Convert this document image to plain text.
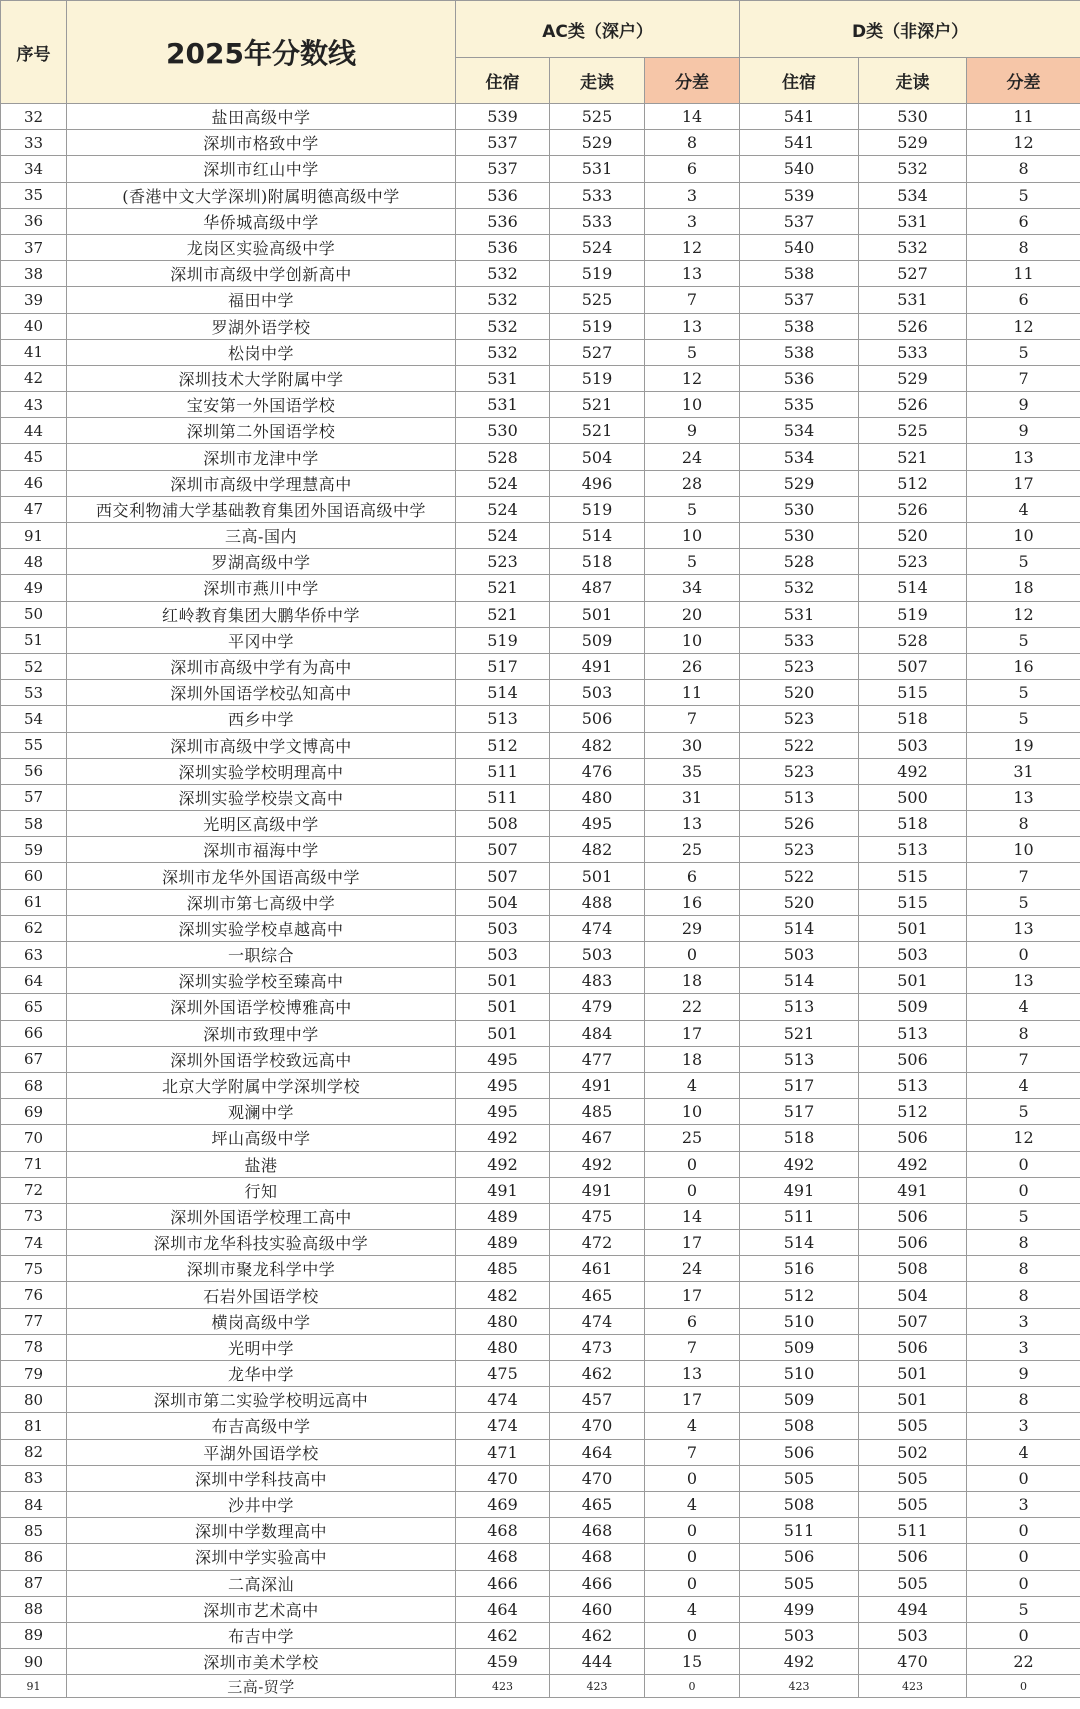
序号	2025年分数线	AC类（深户）			D类（非深户）		
		住宿	走读	分差	住宿	走读	分差
32	盐田高级中学	539	525	14	541	530	11
33	深圳市格致中学	537	529	8	541	529	12
34	深圳市红山中学	537	531	6	540	532	8
35	(香港中文大学深圳)附属明德高级中学	536	533	3	539	534	5
36	华侨城高级中学	536	533	3	537	531	6
37	龙岗区实验高级中学	536	524	12	540	532	8
38	深圳市高级中学创新高中	532	519	13	538	527	11
39	福田中学	532	525	7	537	531	6
40	罗湖外语学校	532	519	13	538	526	12
41	松岗中学	532	527	5	538	533	5
42	深圳技术大学附属中学	531	519	12	536	529	7
43	宝安第一外国语学校	531	521	10	535	526	9
44	深圳第二外国语学校	530	521	9	534	525	9
45	深圳市龙津中学	528	504	24	534	521	13
46	深圳市高级中学理慧高中	524	496	28	529	512	17
47	西交利物浦大学基础教育集团外国语高级中学	524	519	5	530	526	4
91	三高-国内	524	514	10	530	520	10
48	罗湖高级中学	523	518	5	528	523	5
49	深圳市燕川中学	521	487	34	532	514	18
50	红岭教育集团大鹏华侨中学	521	501	20	531	519	12
51	平冈中学	519	509	10	533	528	5
52	深圳市高级中学有为高中	517	491	26	523	507	16
53	深圳外国语学校弘知高中	514	503	11	520	515	5
54	西乡中学	513	506	7	523	518	5
55	深圳市高级中学文博高中	512	482	30	522	503	19
56	深圳实验学校明理高中	511	476	35	523	492	31
57	深圳实验学校崇文高中	511	480	31	513	500	13
58	光明区高级中学	508	495	13	526	518	8
59	深圳市福海中学	507	482	25	523	513	10
60	深圳市龙华外国语高级中学	507	501	6	522	515	7
61	深圳市第七高级中学	504	488	16	520	515	5
62	深圳实验学校卓越高中	503	474	29	514	501	13
63	一职综合	503	503	0	503	503	0
64	深圳实验学校至臻高中	501	483	18	514	501	13
65	深圳外国语学校博雅高中	501	479	22	513	509	4
66	深圳市致理中学	501	484	17	521	513	8
67	深圳外国语学校致远高中	495	477	18	513	506	7
68	北京大学附属中学深圳学校	495	491	4	517	513	4
69	观澜中学	495	485	10	517	512	5
70	坪山高级中学	492	467	25	518	506	12
71	盐港	492	492	0	492	492	0
72	行知	491	491	0	491	491	0
73	深圳外国语学校理工高中	489	475	14	511	506	5
74	深圳市龙华科技实验高级中学	489	472	17	514	506	8
75	深圳市聚龙科学中学	485	461	24	516	508	8
76	石岩外国语学校	482	465	17	512	504	8
77	横岗高级中学	480	474	6	510	507	3
78	光明中学	480	473	7	509	506	3
79	龙华中学	475	462	13	510	501	9
80	深圳市第二实验学校明远高中	474	457	17	509	501	8
81	布吉高级中学	474	470	4	508	505	3
82	平湖外国语学校	471	464	7	506	502	4
83	深圳中学科技高中	470	470	0	505	505	0
84	沙井中学	469	465	4	508	505	3
85	深圳中学数理高中	468	468	0	511	511	0
86	深圳中学实验高中	468	468	0	506	506	0
87	二高深汕	466	466	0	505	505	0
88	深圳市艺术高中	464	460	4	499	494	5
89	布吉中学	462	462	0	503	503	0
90	深圳市美术学校	459	444	15	492	470	22
91	三高-贸学	423	423	0	423	423	0
